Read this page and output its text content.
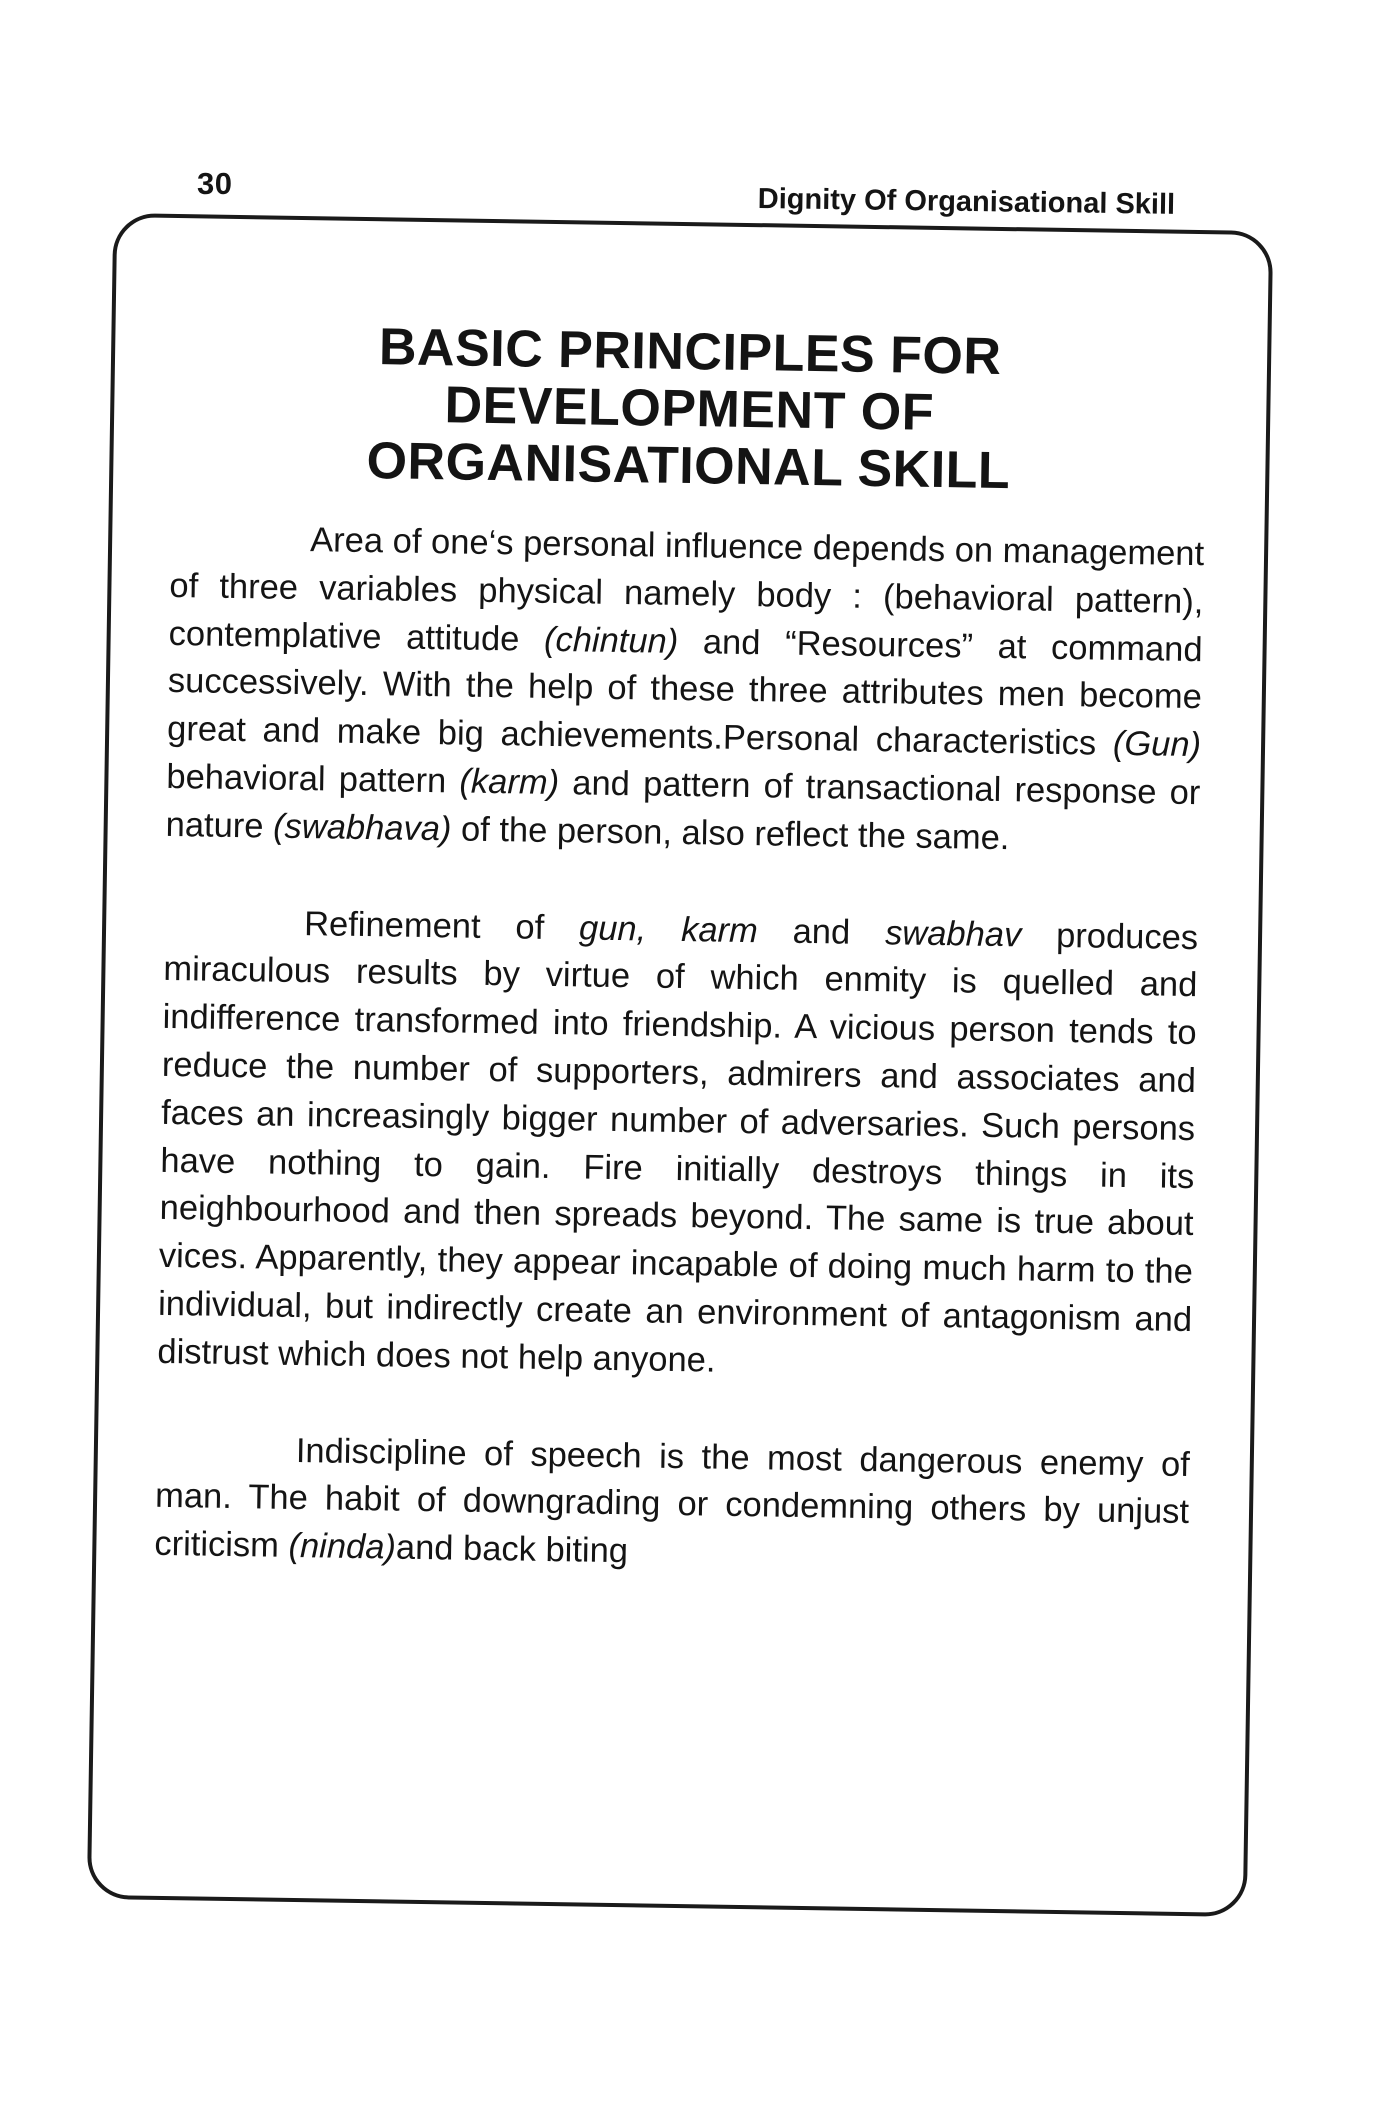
30	Dignity Of Organisational Skill
BASIC PRINCIPLES FOR
DEVELOPMENT OF
ORGANISATIONAL SKILL

Area of one‘s personal influence depends on management of three variables physical namely body : (behavioral pattern), contemplative attitude (chintun) and “Resources” at command successively. With the help of these three attributes men become great and make big achievements.Personal characteristics (Gun) behavioral pattern (karm) and pattern of transactional response or nature (swabhava) of the person, also reflect the same.

Refinement of gun, karm and swabhav produces miraculous results by virtue of which enmity is quelled and indifference transformed into friendship. A vicious person tends to reduce the number of supporters, admirers and associates and faces an increasingly bigger number of adversaries. Such persons have nothing to gain. Fire initially destroys things in its neighbourhood and then spreads beyond. The same is true about vices. Apparently, they appear incapable of doing much harm to the individual, but indirectly create an environment of antagonism and distrust which does not help anyone.

Indiscipline of speech is the most dangerous enemy of man. The habit of downgrading or condemning others by unjust criticism (ninda)and back biting
